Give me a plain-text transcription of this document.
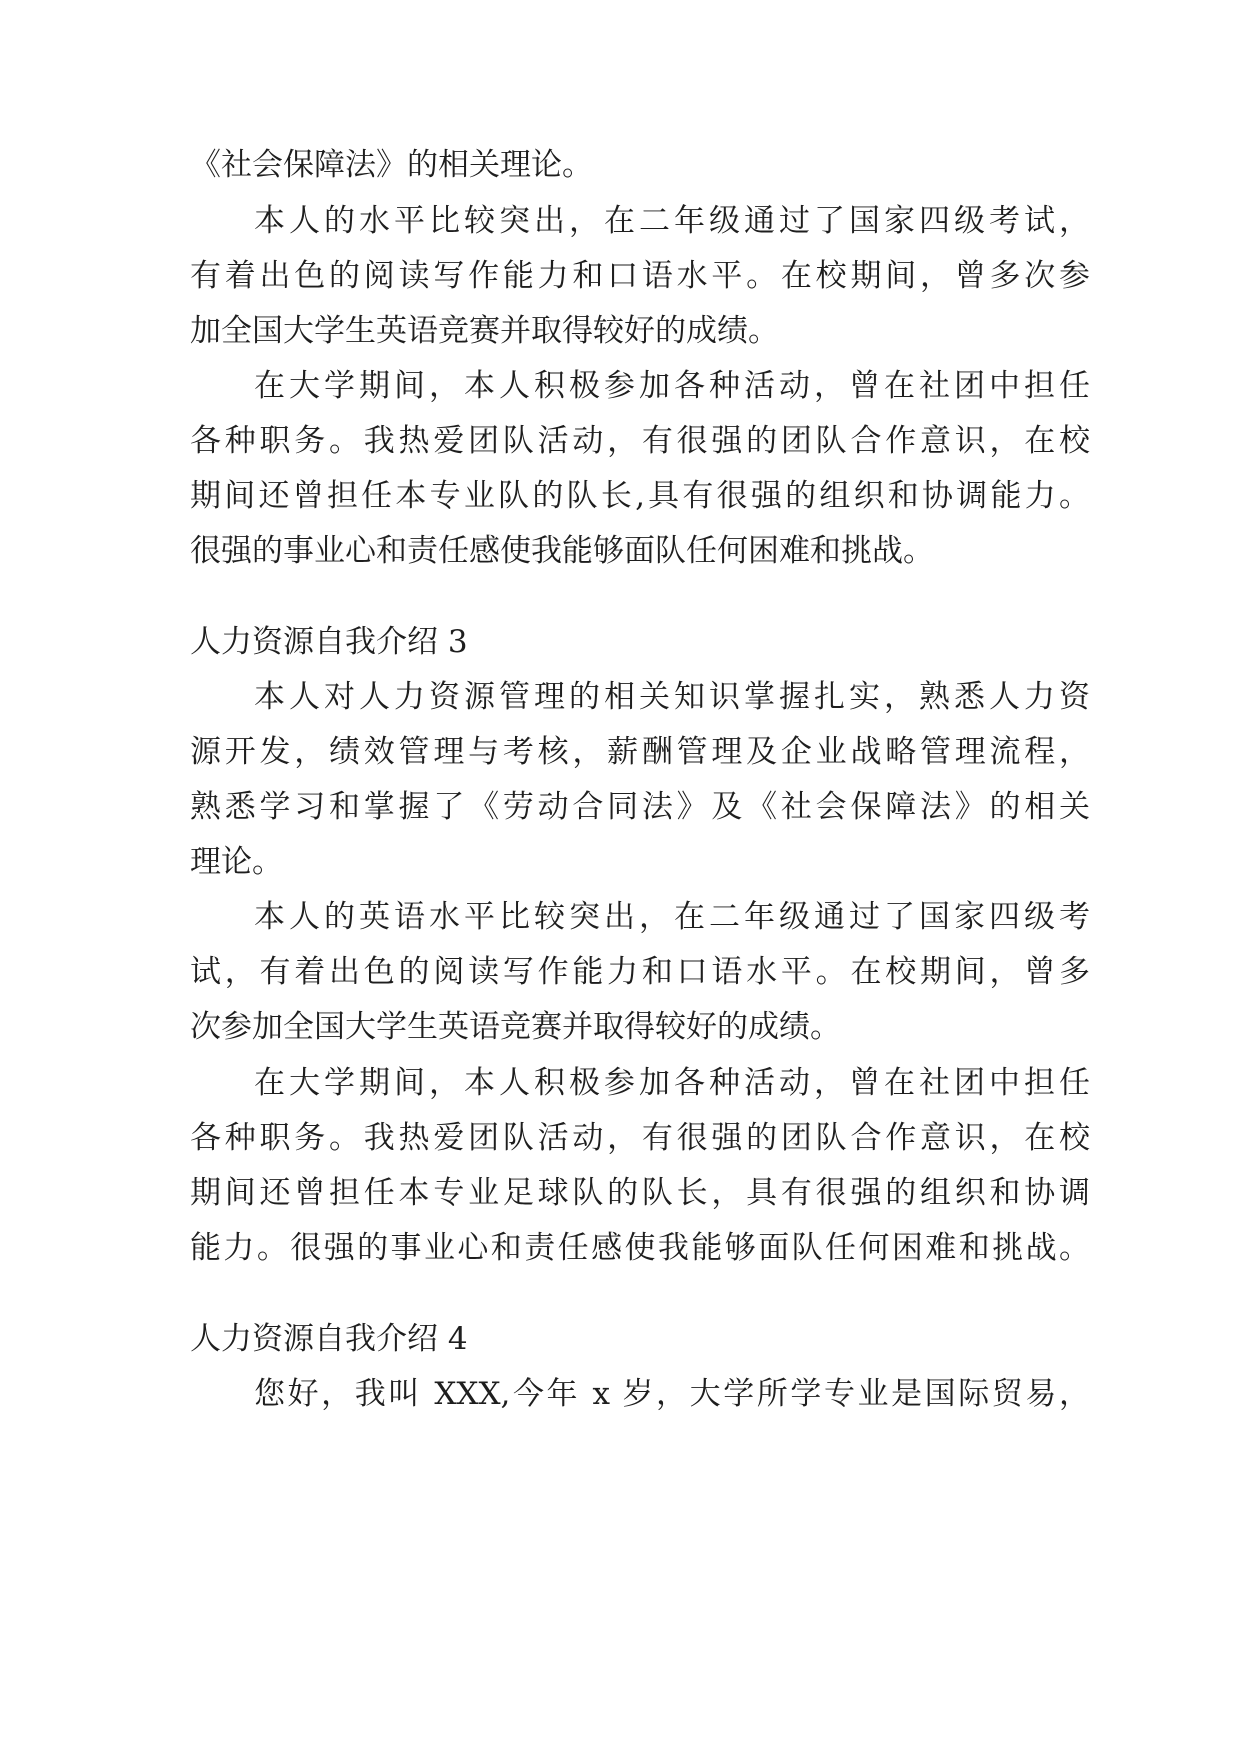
《社会保障法》的相关理论。
本人的水平比较突出，在二年级通过了国家四级考试，
有着出色的阅读写作能力和口语水平。在校期间，曾多次参
加全国大学生英语竞赛并取得较好的成绩。
在大学期间，本人积极参加各种活动，曾在社团中担任
各种职务。我热爱团队活动，有很强的团队合作意识，在校
期间还曾担任本专业队的队长,具有很强的组织和协调能力。
很强的事业心和责任感使我能够面队任何困难和挑战。
人力资源自我介绍 3
本人对人力资源管理的相关知识掌握扎实，熟悉人力资
源开发，绩效管理与考核，薪酬管理及企业战略管理流程，
熟悉学习和掌握了《劳动合同法》及《社会保障法》的相关
理论。
本人的英语水平比较突出，在二年级通过了国家四级考
试，有着出色的阅读写作能力和口语水平。在校期间，曾多
次参加全国大学生英语竞赛并取得较好的成绩。
在大学期间，本人积极参加各种活动，曾在社团中担任
各种职务。我热爱团队活动，有很强的团队合作意识，在校
期间还曾担任本专业足球队的队长，具有很强的组织和协调
能力。很强的事业心和责任感使我能够面队任何困难和挑战。
人力资源自我介绍 4
您好，我叫 XXX,今年 x 岁，大学所学专业是国际贸易，
